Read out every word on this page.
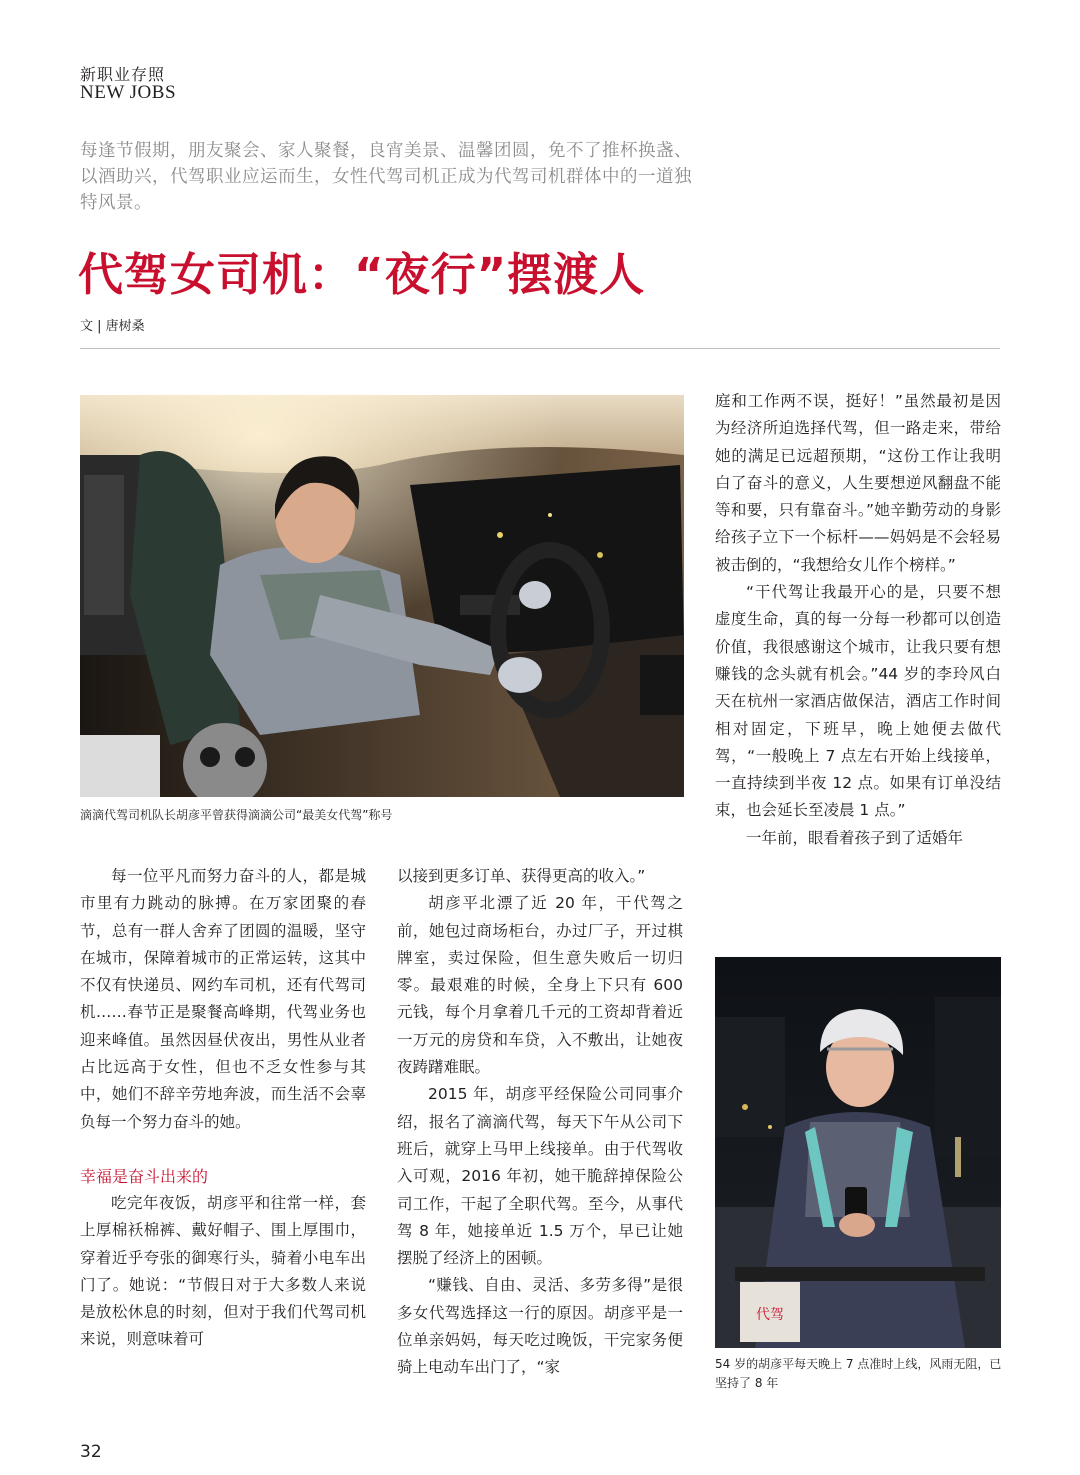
新职业存照
NEW JOBS
每逢节假期，朋友聚会、家人聚餐，良宵美景、温馨团圆，免不了推杯换盏、以酒助兴，代驾职业应运而生，女性代驾司机正成为代驾司机群体中的一道独特风景。
代驾女司机：“夜行”摆渡人
文 | 唐树桑
滴滴代驾司机队长胡彦平曾获得滴滴公司“最美女代驾”称号

每一位平凡而努力奋斗的人，都是城市里有力跳动的脉搏。在万家团聚的春节，总有一群人舍弃了团圆的温暖，坚守在城市，保障着城市的正常运转，这其中不仅有快递员、网约车司机，还有代驾司机……春节正是聚餐高峰期，代驾业务也迎来峰值。虽然因昼伏夜出，男性从业者占比远高于女性，但也不乏女性参与其中，她们不辞辛劳地奔波，而生活不会辜负每一个努力奋斗的她。

幸福是奋斗出来的

吃完年夜饭，胡彦平和往常一样，套上厚棉袄棉裤、戴好帽子、围上厚围巾，穿着近乎夸张的御寒行头，骑着小电车出门了。她说：“节假日对于大多数人来说是放松休息的时刻，但对于我们代驾司机来说，则意味着可

以接到更多订单、获得更高的收入。”

胡彦平北漂了近 20 年，干代驾之前，她包过商场柜台，办过厂子，开过棋牌室，卖过保险，但生意失败后一切归零。最艰难的时候，全身上下只有 600 元钱，每个月拿着几千元的工资却背着近一万元的房贷和车贷，入不敷出，让她夜夜踌躇难眠。

2015 年，胡彦平经保险公司同事介绍，报名了滴滴代驾，每天下午从公司下班后，就穿上马甲上线接单。由于代驾收入可观，2016 年初，她干脆辞掉保险公司工作，干起了全职代驾。至今，从事代驾 8 年，她接单近 1.5 万个，早已让她摆脱了经济上的困顿。

“赚钱、自由、灵活、多劳多得”是很多女代驾选择这一行的原因。胡彦平是一位单亲妈妈，每天吃过晚饭，干完家务便骑上电动车出门了，“家

庭和工作两不误，挺好！”虽然最初是因为经济所迫选择代驾，但一路走来，带给她的满足已远超预期，“这份工作让我明白了奋斗的意义，人生要想逆风翻盘不能等和要，只有靠奋斗。”她辛勤劳动的身影给孩子立下一个标杆——妈妈是不会轻易被击倒的，“我想给女儿作个榜样。”

“干代驾让我最开心的是，只要不想虚度生命，真的每一分每一秒都可以创造价值，我很感谢这个城市，让我只要有想赚钱的念头就有机会。”44 岁的李玲风白天在杭州一家酒店做保洁，酒店工作时间相对固定，下班早，晚上她便去做代驾，“一般晚上 7 点左右开始上线接单，一直持续到半夜 12 点。如果有订单没结束，也会延长至凌晨 1 点。”

一年前，眼看着孩子到了适婚年

代驾
54 岁的胡彦平每天晚上 7 点准时上线，风雨无阻，已坚持了 8 年
32
